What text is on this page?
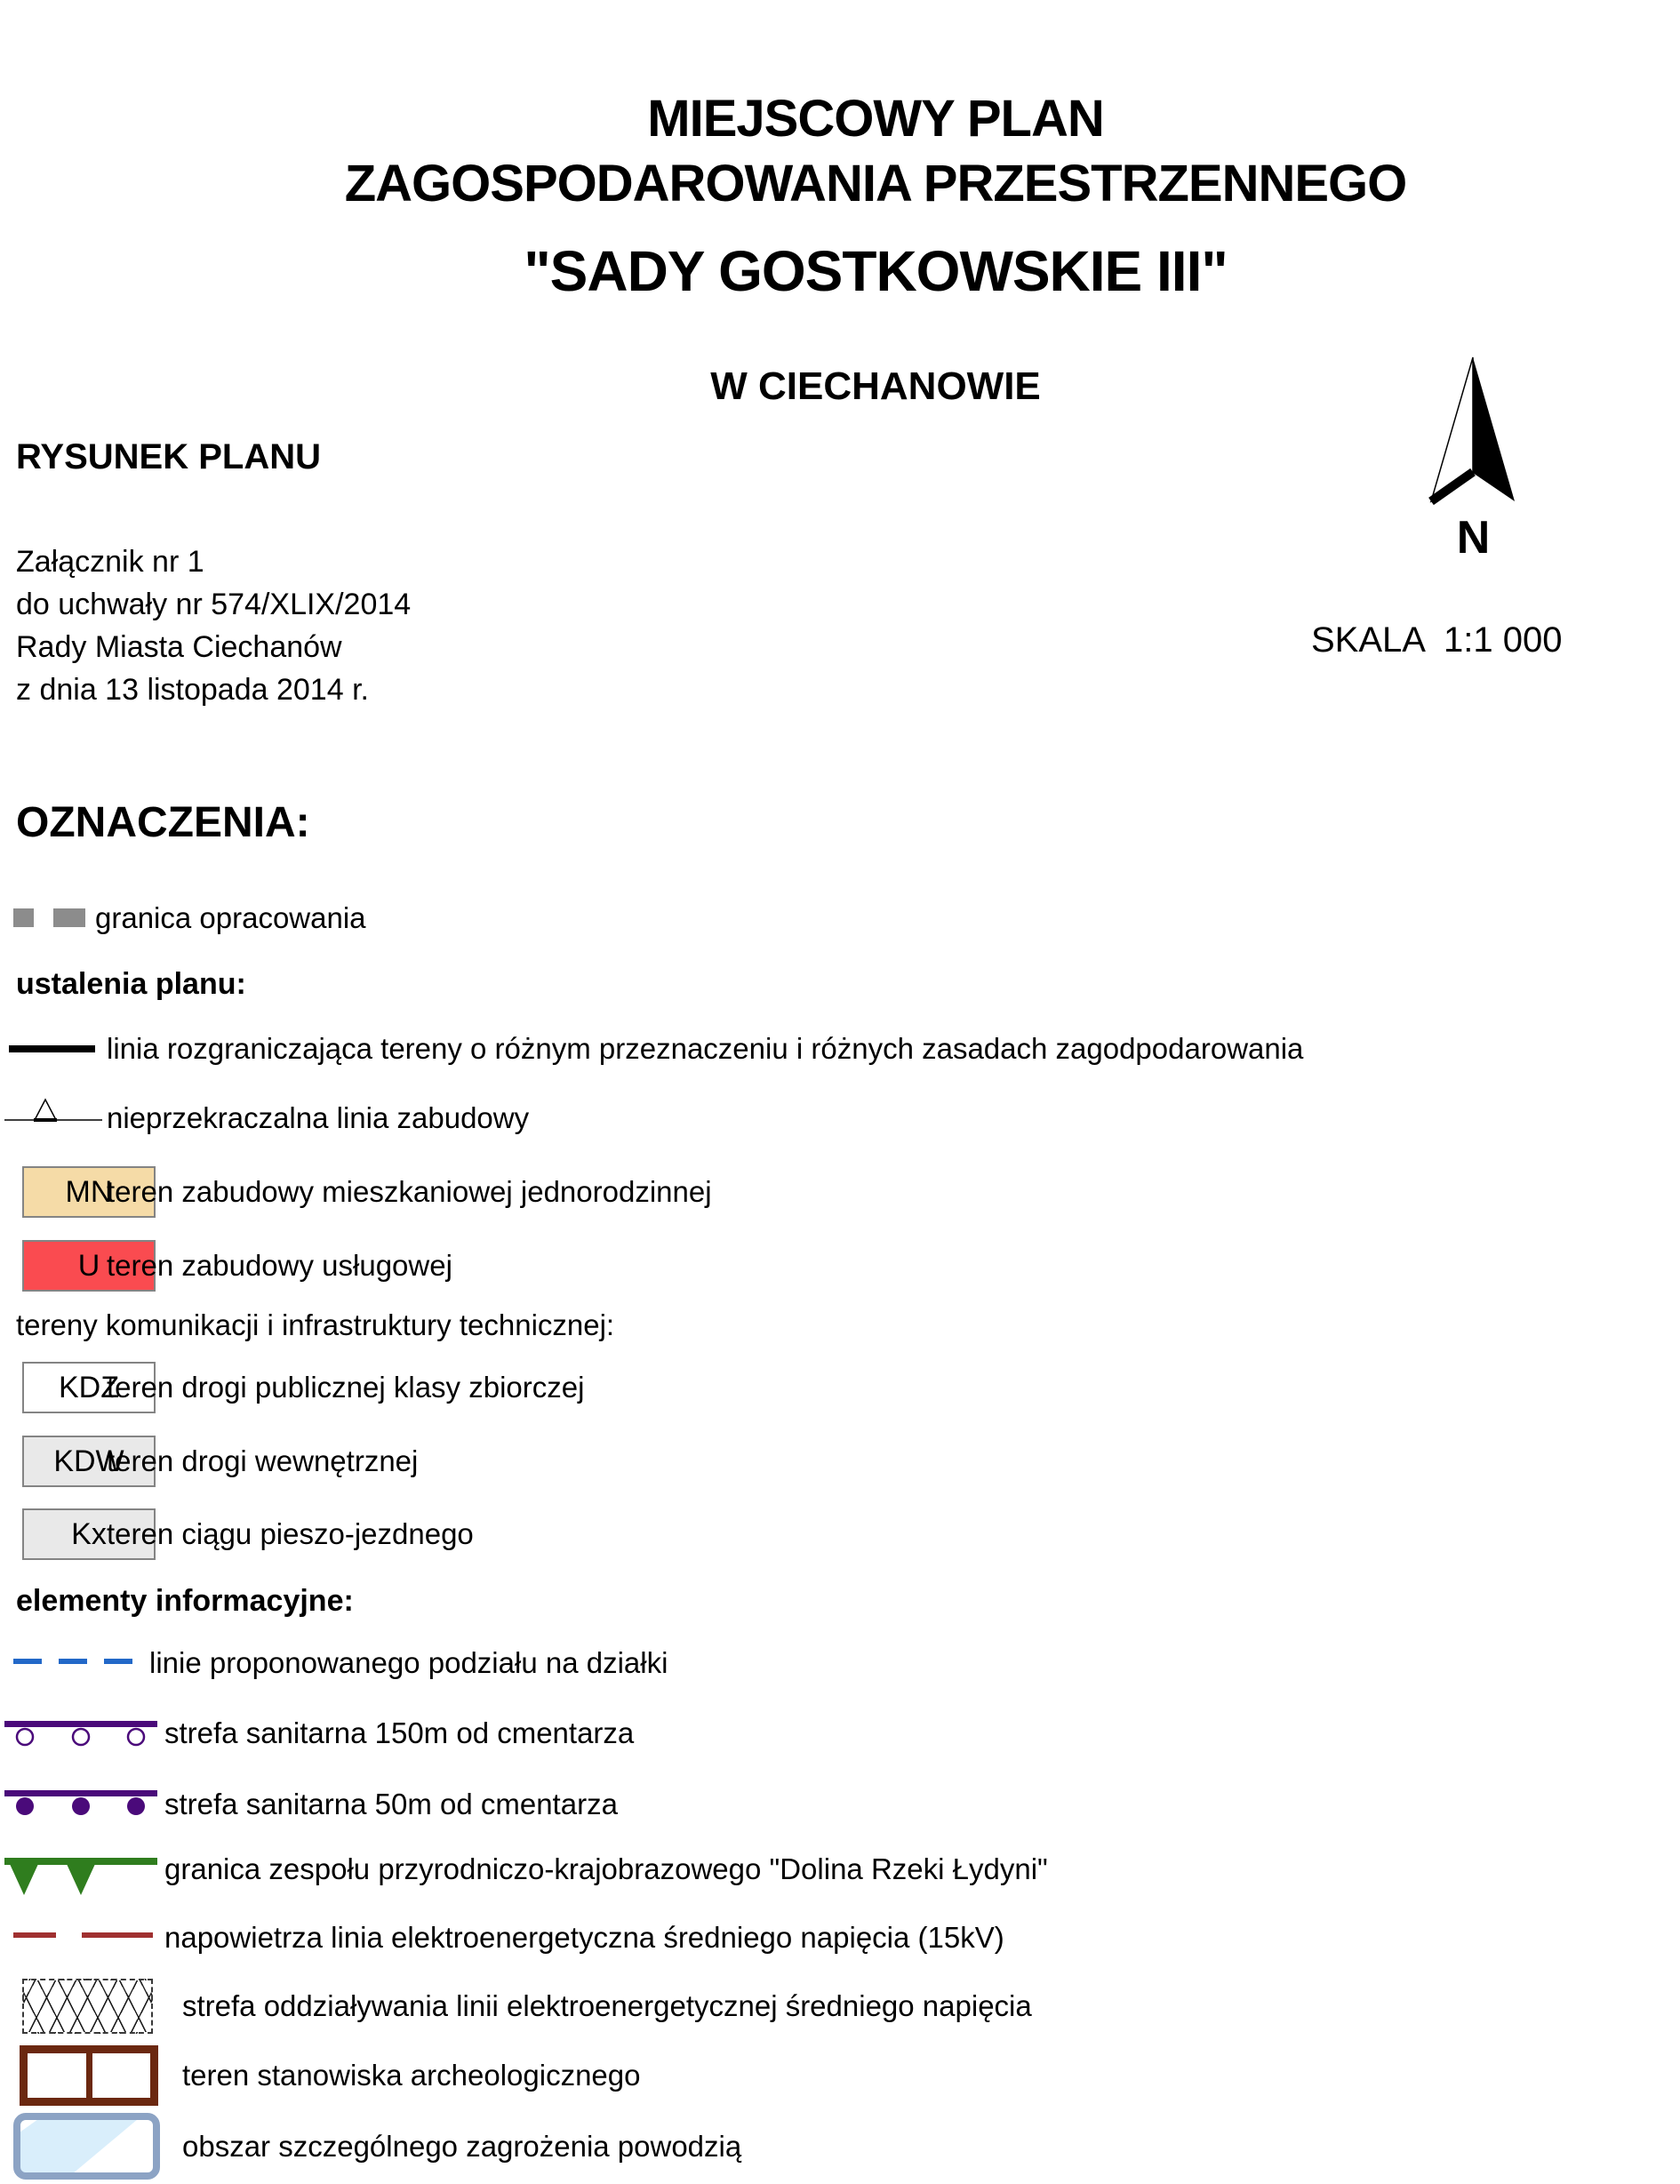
MIEJSCOWY PLAN
ZAGOSPODAROWANIA PRZESTRZENNEGO
"SADY GOSTKOWSKIE III"
W CIECHANOWIE
RYSUNEK PLANU
Załącznik nr 1
do uchwały nr 574/XLIX/2014
Rady Miasta Ciechanów
z dnia 13 listopada 2014 r.
N
SKALA  1:1 000
OZNACZENIA:
granica opracowania
ustalenia planu:
linia rozgraniczająca tereny o różnym przeznaczeniu i różnych zasadach zagodpodarowania
nieprzekraczalna linia zabudowy
MN
teren zabudowy mieszkaniowej jednorodzinnej
U teren zabudowy usługowej
tereny komunikacji i infrastruktury technicznej:
KDZ
teren drogi publicznej klasy zbiorczej
KDW
teren drogi wewnętrznej
Kx teren ciągu pieszo-jezdnego
elementy informacyjne:
linie proponowanego podziału na działki
strefa sanitarna 150m od cmentarza
strefa sanitarna 50m od cmentarza
granica zespołu przyrodniczo-krajobrazowego "Dolina Rzeki Łydyni"
napowietrza linia elektroenergetyczna średniego napięcia (15kV)
strefa oddziaływania linii elektroenergetycznej średniego napięcia
teren stanowiska archeologicznego
obszar szczególnego zagrożenia powodzią
